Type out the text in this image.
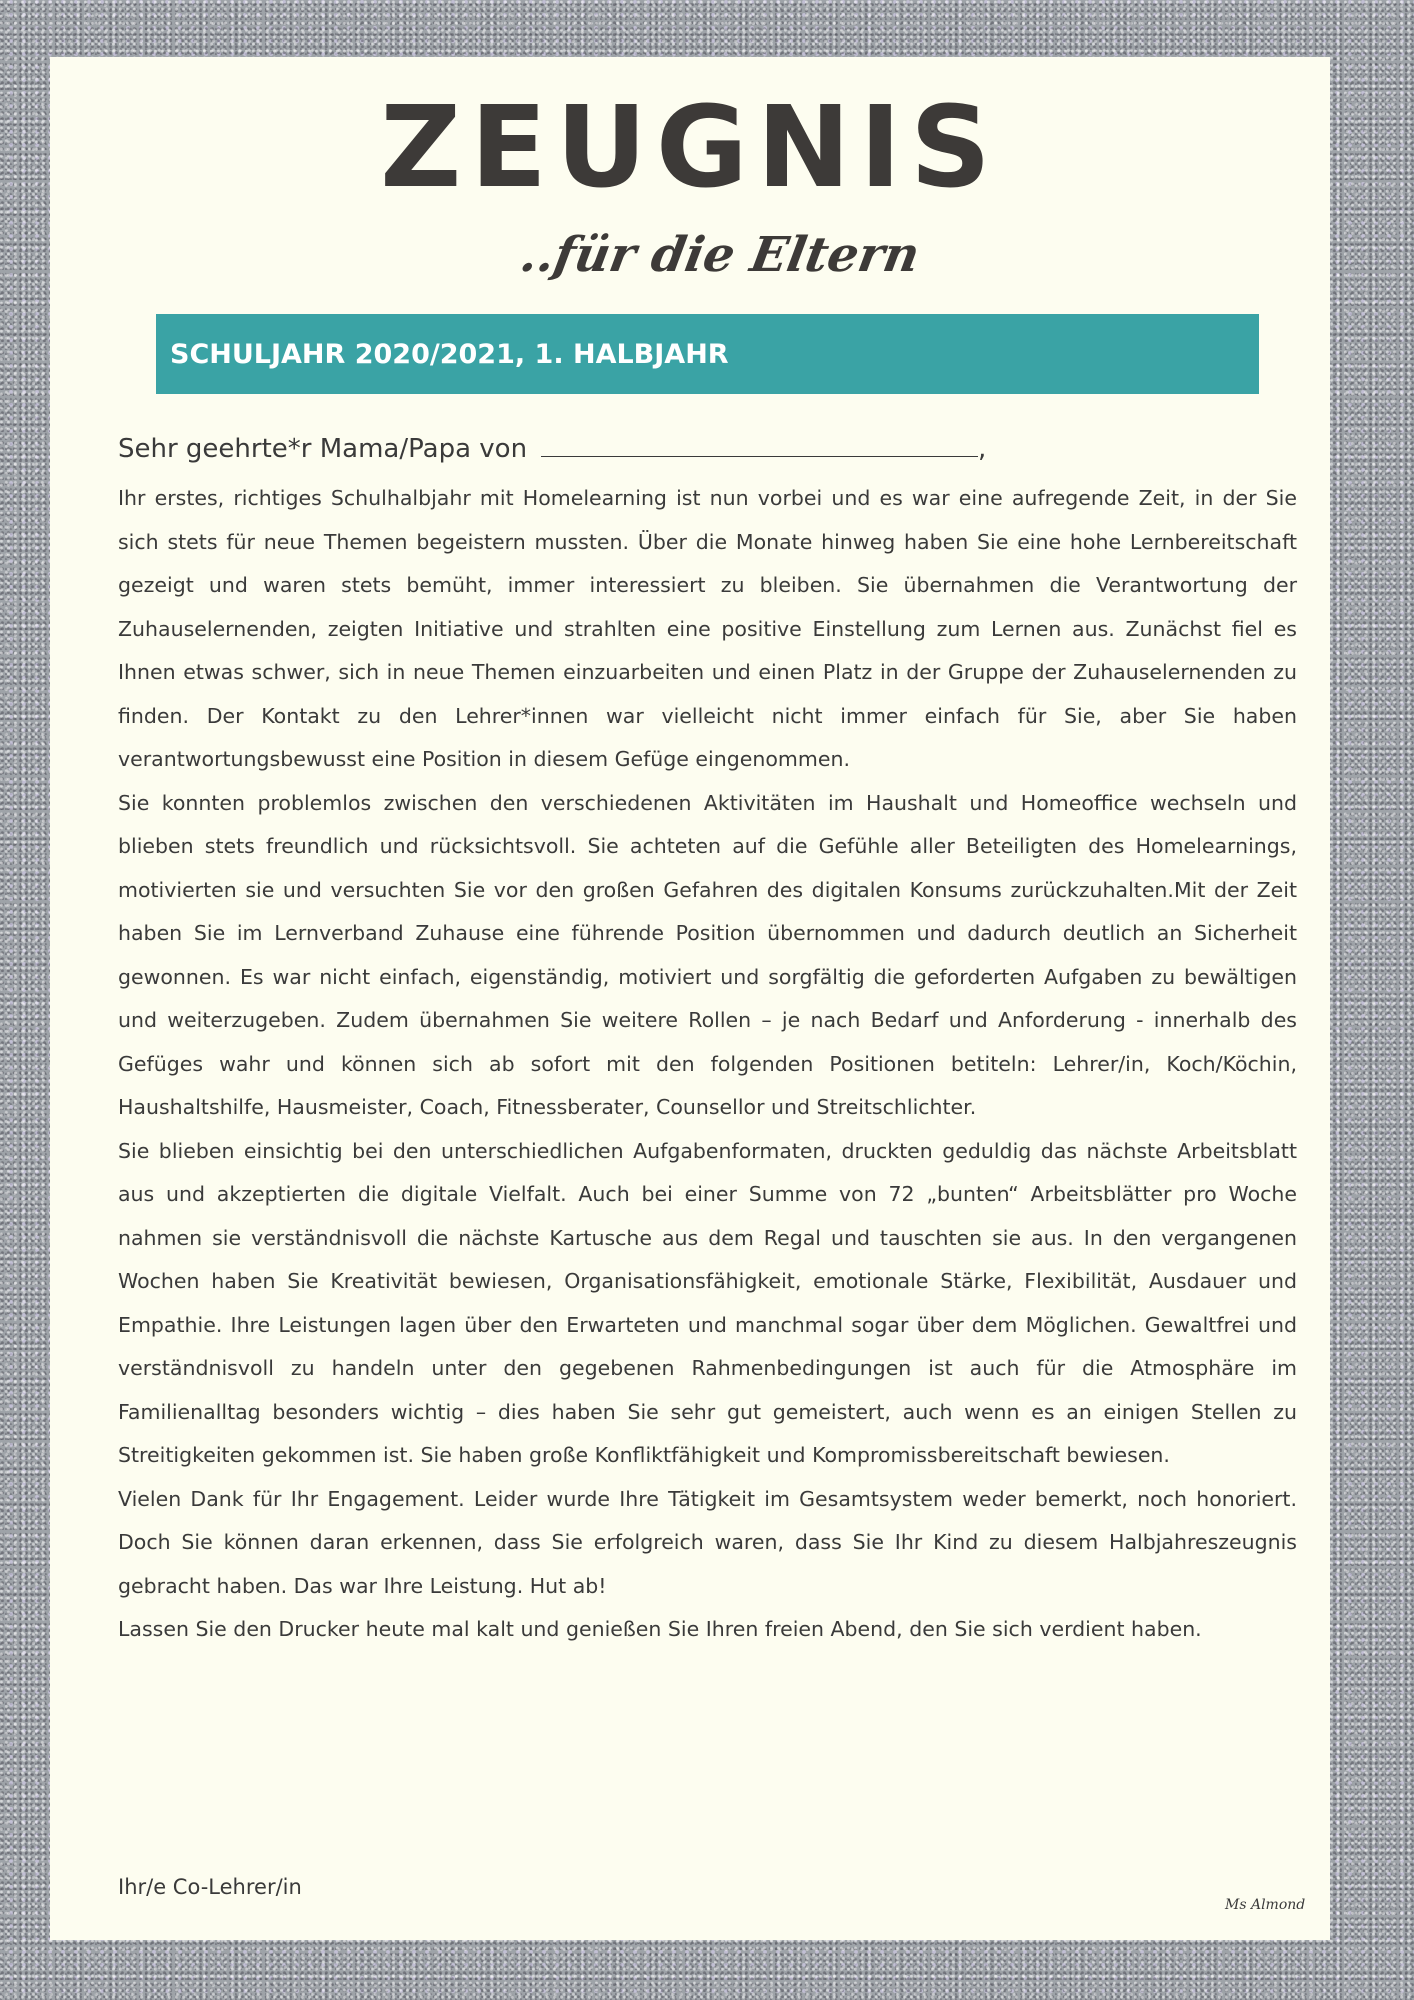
ZEUGNIS
..für die Eltern
SCHULJAHR 2020/2021, 1. HALBJAHR
Sehr geehrte*r Mama/Papa von	,

Ihr erstes, richtiges Schulhalbjahr mit Homelearning ist nun vorbei und es war eine aufregende Zeit, in der Sie sich stets für neue Themen begeistern mussten. Über die Monate hinweg haben Sie eine hohe Lernbereitschaft gezeigt und waren stets bemüht, immer interessiert zu bleiben. Sie übernahmen die Verantwortung der Zuhauselernenden, zeigten Initiative und strahlten eine positive Einstellung zum Lernen aus. Zunächst fiel es Ihnen etwas schwer, sich in neue Themen einzuarbeiten und einen Platz in der Gruppe der Zuhauselernenden zu finden. Der Kontakt zu den Lehrer*innen war vielleicht nicht immer einfach für Sie, aber Sie haben verantwortungsbewusst eine Position in diesem Gefüge eingenommen.

Sie konnten problemlos zwischen den verschiedenen Aktivitäten im Haushalt und Homeoffice wechseln und blieben stets freundlich und rücksichtsvoll. Sie achteten auf die Gefühle aller Beteiligten des Homelearnings, motivierten sie und versuchten Sie vor den großen Gefahren des digitalen Konsums zurückzuhalten.Mit der Zeit haben Sie im Lernverband Zuhause eine führende Position übernommen und dadurch deutlich an Sicherheit gewonnen. Es war nicht einfach, eigenständig, motiviert und sorgfältig die geforderten Aufgaben zu bewältigen und weiterzugeben. Zudem übernahmen Sie weitere Rollen – je nach Bedarf und Anforderung - innerhalb des Gefüges wahr und können sich ab sofort mit den folgenden Positionen betiteln: Lehrer/in, Koch/Köchin, Haushaltshilfe, Hausmeister, Coach, Fitnessberater, Counsellor und Streitschlichter.

Sie blieben einsichtig bei den unterschiedlichen Aufgabenformaten, druckten geduldig das nächste Arbeitsblatt aus und akzeptierten die digitale Vielfalt. Auch bei einer Summe von 72 „bunten“ Arbeitsblätter pro Woche nahmen sie verständnisvoll die nächste Kartusche aus dem Regal und tauschten sie aus. In den vergangenen Wochen haben Sie Kreativität bewiesen, Organisationsfähigkeit, emotionale Stärke, Flexibilität, Ausdauer und Empathie. Ihre Leistungen lagen über den Erwarteten und manchmal sogar über dem Möglichen. Gewaltfrei und verständnisvoll zu handeln unter den gegebenen Rahmenbedingungen ist auch für die Atmosphäre im Familienalltag besonders wichtig – dies haben Sie sehr gut gemeistert, auch wenn es an einigen Stellen zu Streitigkeiten gekommen ist. Sie haben große Konfliktfähigkeit und Kompromissbereitschaft bewiesen.

Vielen Dank für Ihr Engagement. Leider wurde Ihre Tätigkeit im Gesamtsystem weder bemerkt, noch honoriert. Doch Sie können daran erkennen, dass Sie erfolgreich waren, dass Sie Ihr Kind zu diesem Halbjahreszeugnis gebracht haben. Das war Ihre Leistung. Hut ab!

Lassen Sie den Drucker heute mal kalt und genießen Sie Ihren freien Abend, den Sie sich verdient haben.

Ihr/e Co-Lehrer/in
Ms Almond
